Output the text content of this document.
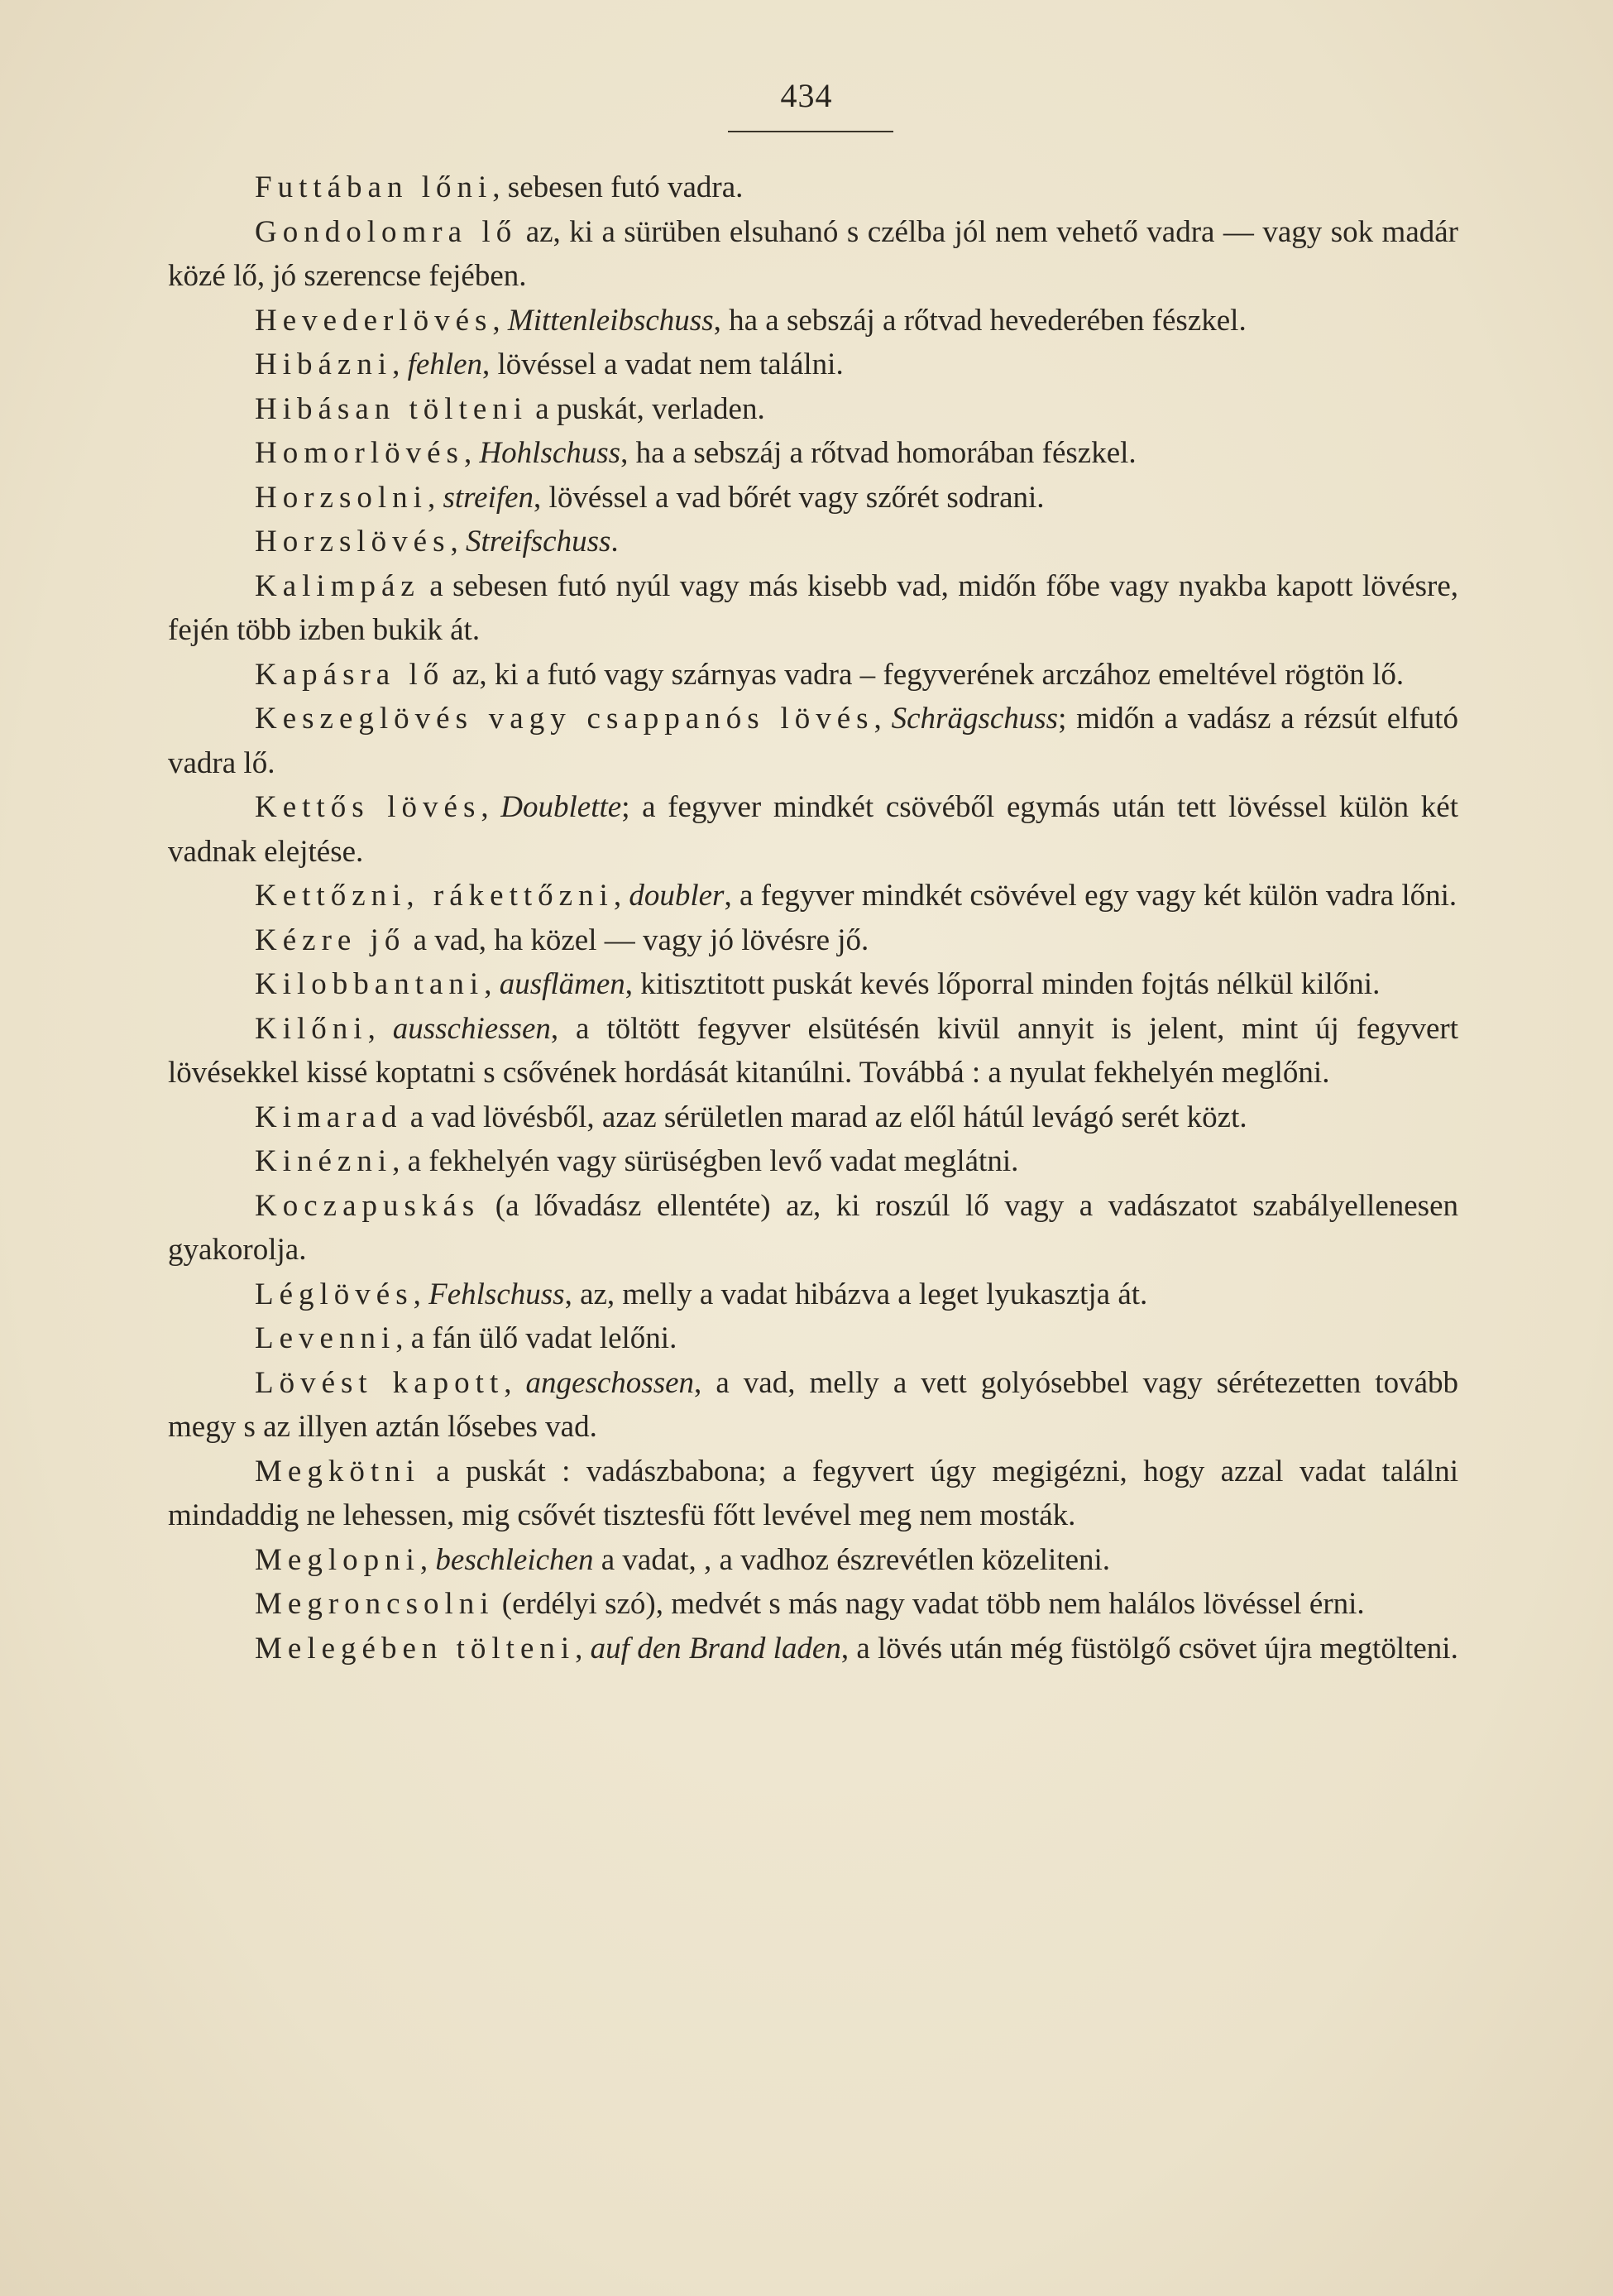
434

Futtában lőni, sebesen futó vadra.

Gondolomra lő az, ki a sürüben elsuhanó s czélba jól nem vehető vadra — vagy sok madár közé lő, jó szerencse fejében.

Hevederlövés, Mittenleibschuss, ha a sebszáj a rőtvad hevederében fészkel.

Hibázni, fehlen, lövéssel a vadat nem találni.

Hibásan tölteni a puskát, verladen.

Homorlövés, Hohlschuss, ha a sebszáj a rőtvad homorában fészkel.

Horzsolni, streifen, lövéssel a vad bőrét vagy szőrét sodrani.

Horzslövés, Streifschuss.

Kalimpáz a sebesen futó nyúl vagy más kisebb vad, midőn főbe vagy nyakba kapott lövésre, fején több izben bukik át.

Kapásra lő az, ki a futó vagy szárnyas vadra – fegyverének arczához emeltével rögtön lő.

Keszeglövés vagy csappanós lövés, Schrägschuss; midőn a vadász a rézsút elfutó vadra lő.

Kettős lövés, Doublette; a fegyver mindkét csövéből egymás után tett lövéssel külön két vadnak elejtése.

Kettőzni, rákettőzni, doubler, a fegyver mindkét csövével egy vagy két külön vadra lőni.

Kézre jő a vad, ha közel — vagy jó lövésre jő.

Kilobbantani, ausflämen, kitisztitott puskát kevés lőporral minden fojtás nélkül kilőni.

Kilőni, ausschiessen, a töltött fegyver elsütésén kivül annyit is jelent, mint új fegyvert lövésekkel kissé koptatni s csővének hordását kitanúlni. Továbbá : a nyulat fekhelyén meglőni.

Kimarad a vad lövésből, azaz sérületlen marad az elől hátúl levágó serét közt.

Kinézni, a fekhelyén vagy sürüségben levő vadat meglátni.

Koczapuskás (a lővadász ellentéte) az, ki roszúl lő vagy a vadászatot szabályellenesen gyakorolja.

Léglövés, Fehlschuss, az, melly a vadat hibázva a leget lyukasztja át.

Levenni, a fán ülő vadat lelőni.

Lövést kapott, angeschossen, a vad, melly a vett golyósebbel vagy sérétezetten tovább megy s az illyen aztán lősebes vad.

Megkötni a puskát : vadászbabona; a fegyvert úgy megigézni, hogy azzal vadat találni mindaddig ne lehessen, mig csővét tisztesfü főtt levével meg nem mosták.

Meglopni, beschleichen a vadat, , a vadhoz észrevétlen közeliteni.

Megroncsolni (erdélyi szó), medvét s más nagy vadat több nem halálos lövéssel érni.

Melegében tölteni, auf den Brand laden, a lövés után még füstölgő csövet újra megtölteni.
